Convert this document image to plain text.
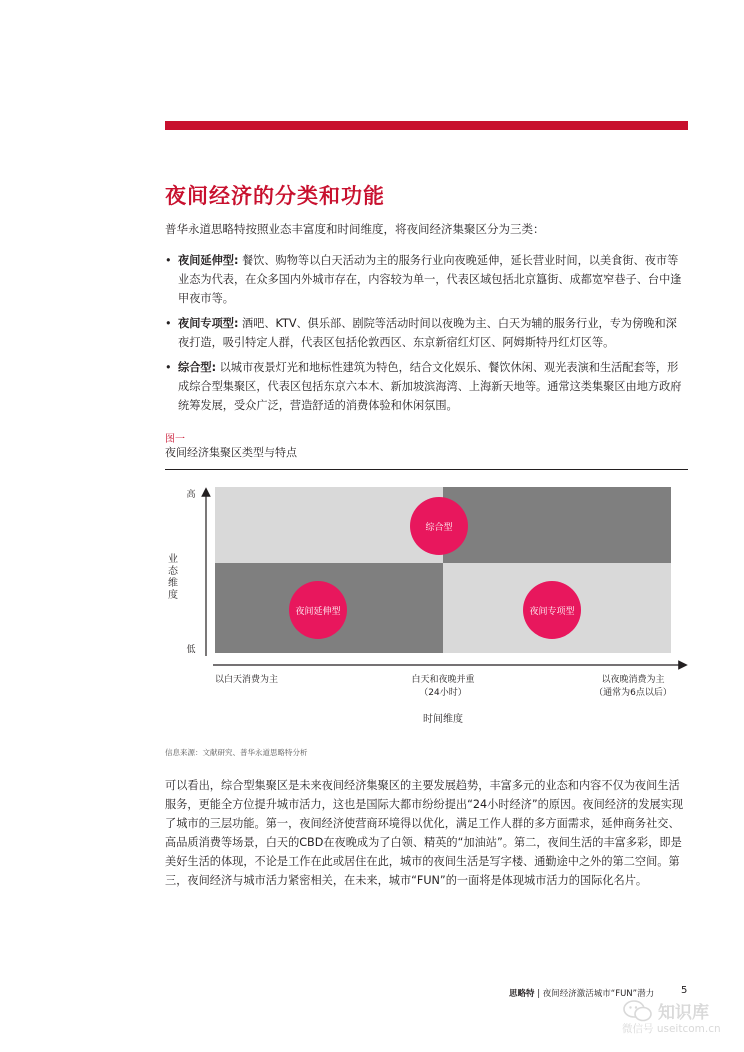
夜间经济的分类和功能
普华永道思略特按照业态丰富度和时间维度，将夜间经济集聚区分为三类：
• 夜间延伸型: 餐饮、购物等以白天活动为主的服务行业向夜晚延伸，延长营业时间，以美食街、夜市等业态为代表，在众多国内外城市存在，内容较为单一，代表区域包括北京簋街、成都宽窄巷子、台中逢甲夜市等。
• 夜间专项型: 酒吧、KTV、俱乐部、剧院等活动时间以夜晚为主、白天为辅的服务行业，专为傍晚和深夜打造，吸引特定人群，代表区包括伦敦西区、东京新宿红灯区、阿姆斯特丹红灯区等。
• 综合型: 以城市夜景灯光和地标性建筑为特色，结合文化娱乐、餐饮休闲、观光表演和生活配套等，形成综合型集聚区，代表区包括东京六本木、新加坡滨海湾、上海新天地等。通常这类集聚区由地方政府统筹发展，受众广泛，营造舒适的消费体验和休闲氛围。
图一
夜间经济集聚区类型与特点
高
低
业态维度
以白天消费为主	白天和夜晚并重
（24小时）
以夜晚消费为主
（通常为6点以后）
时间维度
综合型
夜间延伸型	夜间专项型
信息来源：文献研究、普华永道思略特分析
可以看出，综合型集聚区是未来夜间经济集聚区的主要发展趋势，丰富多元的业态和内容不仅为夜间生活服务，更能全方位提升城市活力，这也是国际大都市纷纷提出“24小时经济”的原因。夜间经济的发展实现了城市的三层功能。第一，夜间经济使营商环境得以优化，满足工作人群的多方面需求，延伸商务社交、高品质消费等场景，白天的CBD在夜晚成为了白领、精英的“加油站”。第二，夜间生活的丰富多彩，即是美好生活的体现，不论是工作在此或居住在此，城市的夜间生活是写字楼、通勤途中之外的第二空间。第三，夜间经济与城市活力紧密相关，在未来，城市“FUN”的一面将是体现城市活力的国际化名片。
思略特 | 夜间经济激活城市“FUN”潜力	5
知识库
微信号 useitcom.cn
